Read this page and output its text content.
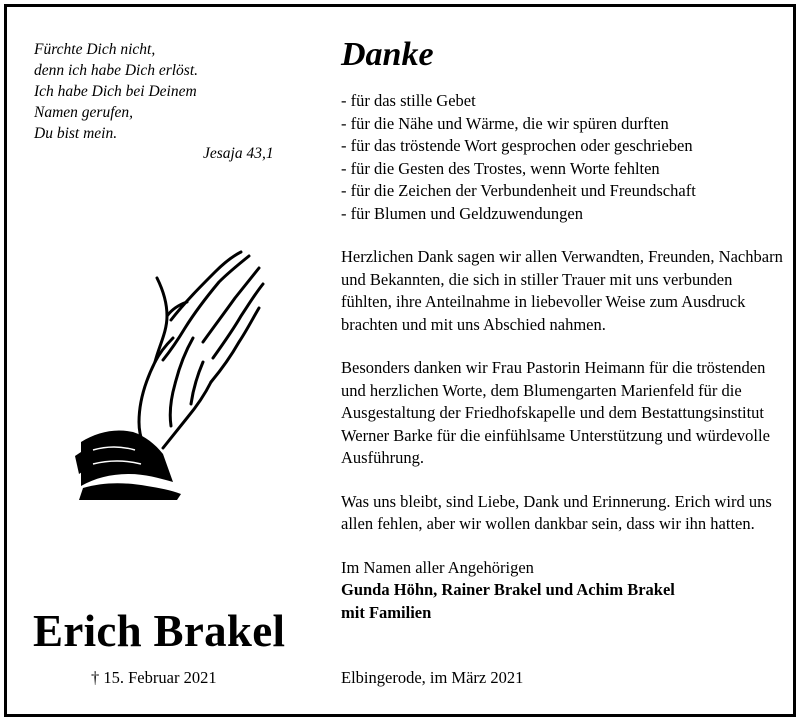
Fürchte Dich nicht,
denn ich habe Dich erlöst.
Ich habe Dich bei Deinem
Namen gerufen,
Du bist mein.
Jesaja 43,1
Erich Brakel
† 15. Februar 2021
Danke
- für das stille Gebet
- für die Nähe und Wärme, die wir spüren durften
- für das tröstende Wort gesprochen oder geschrieben
- für die Gesten des Trostes, wenn Worte fehlten
- für die Zeichen der Verbundenheit und Freundschaft
- für Blumen und Geldzuwendungen

Herzlichen Dank sagen wir allen Verwandten, Freunden, Nachbarn und Bekannten, die sich in stiller Trauer mit uns verbunden fühlten, ihre Anteilnahme in liebevoller Weise zum Ausdruck brachten und mit uns Abschied nahmen.

Besonders danken wir Frau Pastorin Heimann für die tröstenden und herzlichen Worte, dem Blumengarten Marienfeld für die Ausgestaltung der Friedhofskapelle und dem Bestattungsinstitut Werner Barke für die einfühlsame Unterstützung und würdevolle Ausführung.

Was uns bleibt, sind Liebe, Dank und Erinnerung. Erich wird uns allen fehlen, aber wir wollen dankbar sein, dass wir ihn hatten.

Im Namen aller Angehörigen
Gunda Höhn, Rainer Brakel und Achim Brakel
mit Familien
Elbingerode, im März 2021
